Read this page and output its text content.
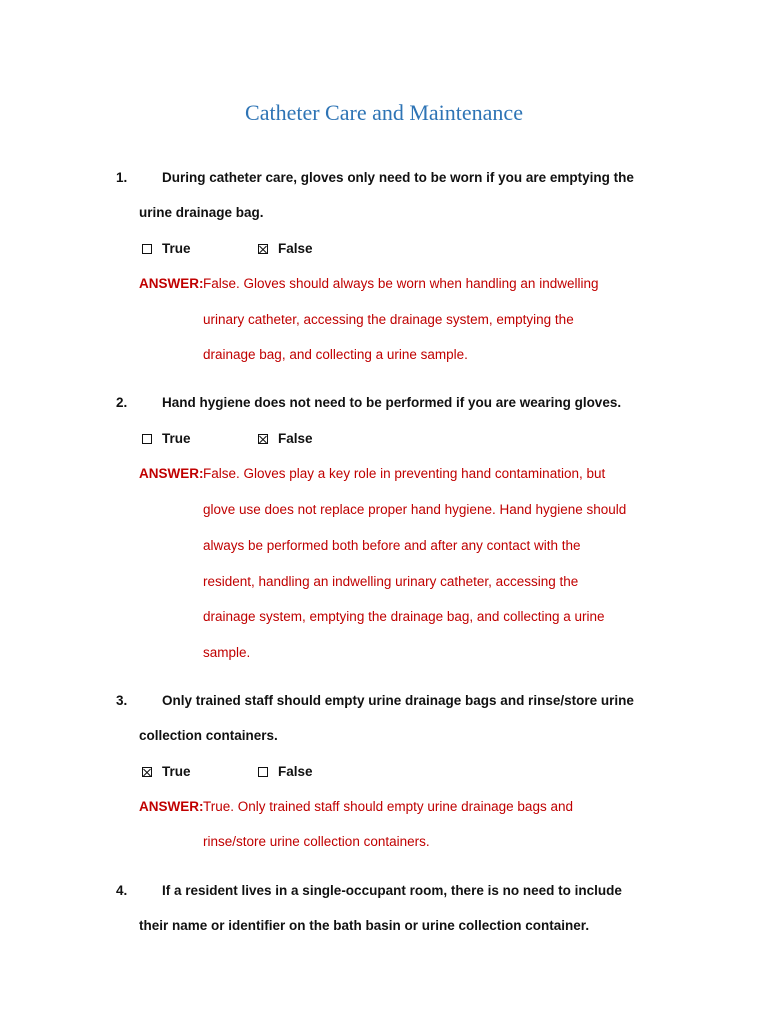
Catheter Care and Maintenance
1.	During catheter care, gloves only need to be worn if you are emptying the
urine drainage bag.
True	False
ANSWER: False. Gloves should always be worn when handling an indwelling
urinary catheter, accessing the drainage system, emptying the
drainage bag, and collecting a urine sample.
2.	Hand hygiene does not need to be performed if you are wearing gloves.
True	False
ANSWER: False. Gloves play a key role in preventing hand contamination, but
glove use does not replace proper hand hygiene. Hand hygiene should
always be performed both before and after any contact with the
resident, handling an indwelling urinary catheter, accessing the
drainage system, emptying the drainage bag, and collecting a urine
sample.
3.	Only trained staff should empty urine drainage bags and rinse/store urine
collection containers.
True	False
ANSWER: True. Only trained staff should empty urine drainage bags and
rinse/store urine collection containers.
4.	If a resident lives in a single-occupant room, there is no need to include
their name or identifier on the bath basin or urine collection container.
